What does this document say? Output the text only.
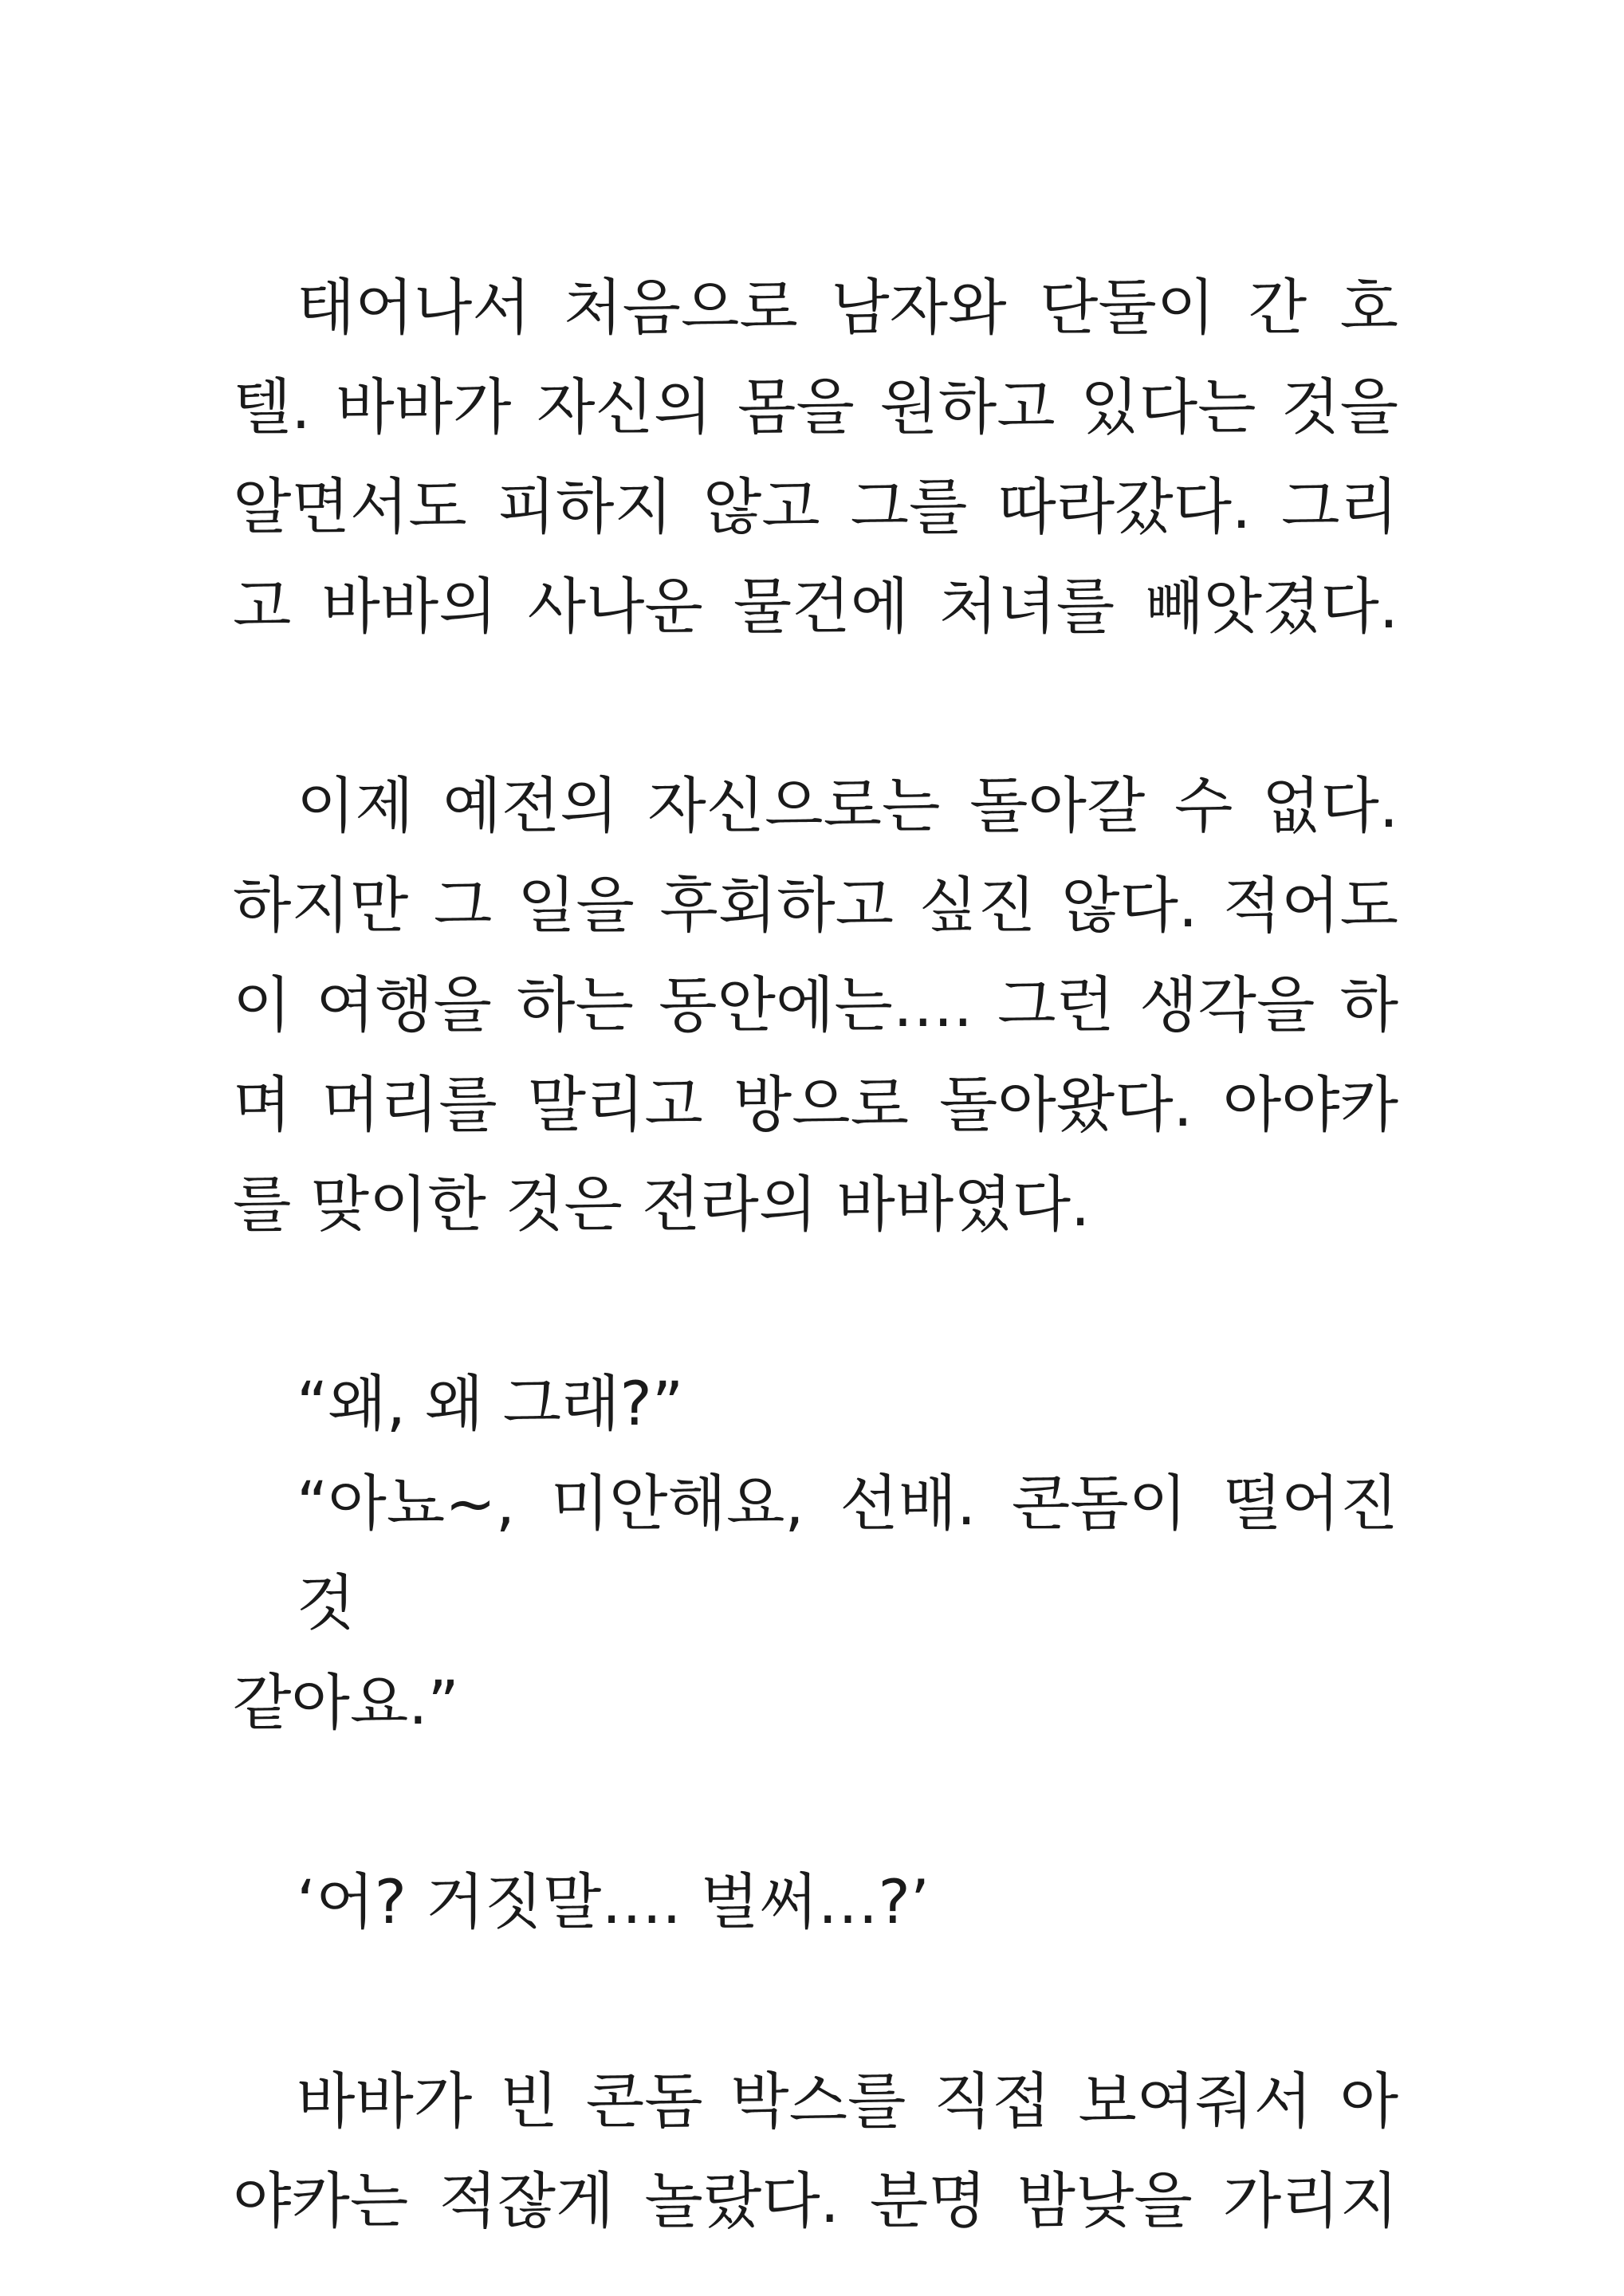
태어나서 처음으로 남자와 단둘이 간 호
텔. 바바가 자신의 몸을 원하고 있다는 것을
알면서도 피하지 않고 그를 따라갔다. 그리
고 바바의 사나운 물건에 처녀를 빼앗겼다.

이제 예전의 자신으로는 돌아갈 수 없다.
하지만 그 일을 후회하고 싶진 않다. 적어도
이 여행을 하는 동안에는…. 그런 생각을 하
며 머리를 말리고 방으로 돌아왔다. 아야카
를 맞이한 것은 전라의 바바였다.

“왜, 왜 그래?”
“아뇨~, 미안해요, 선배. 콘돔이 떨어진 것
같아요.”

‘어? 거짓말…. 벌써…?’

바바가 빈 콘돔 박스를 직접 보여줘서 아
야카는 적잖게 놀랐다. 분명 밤낮을 가리지
